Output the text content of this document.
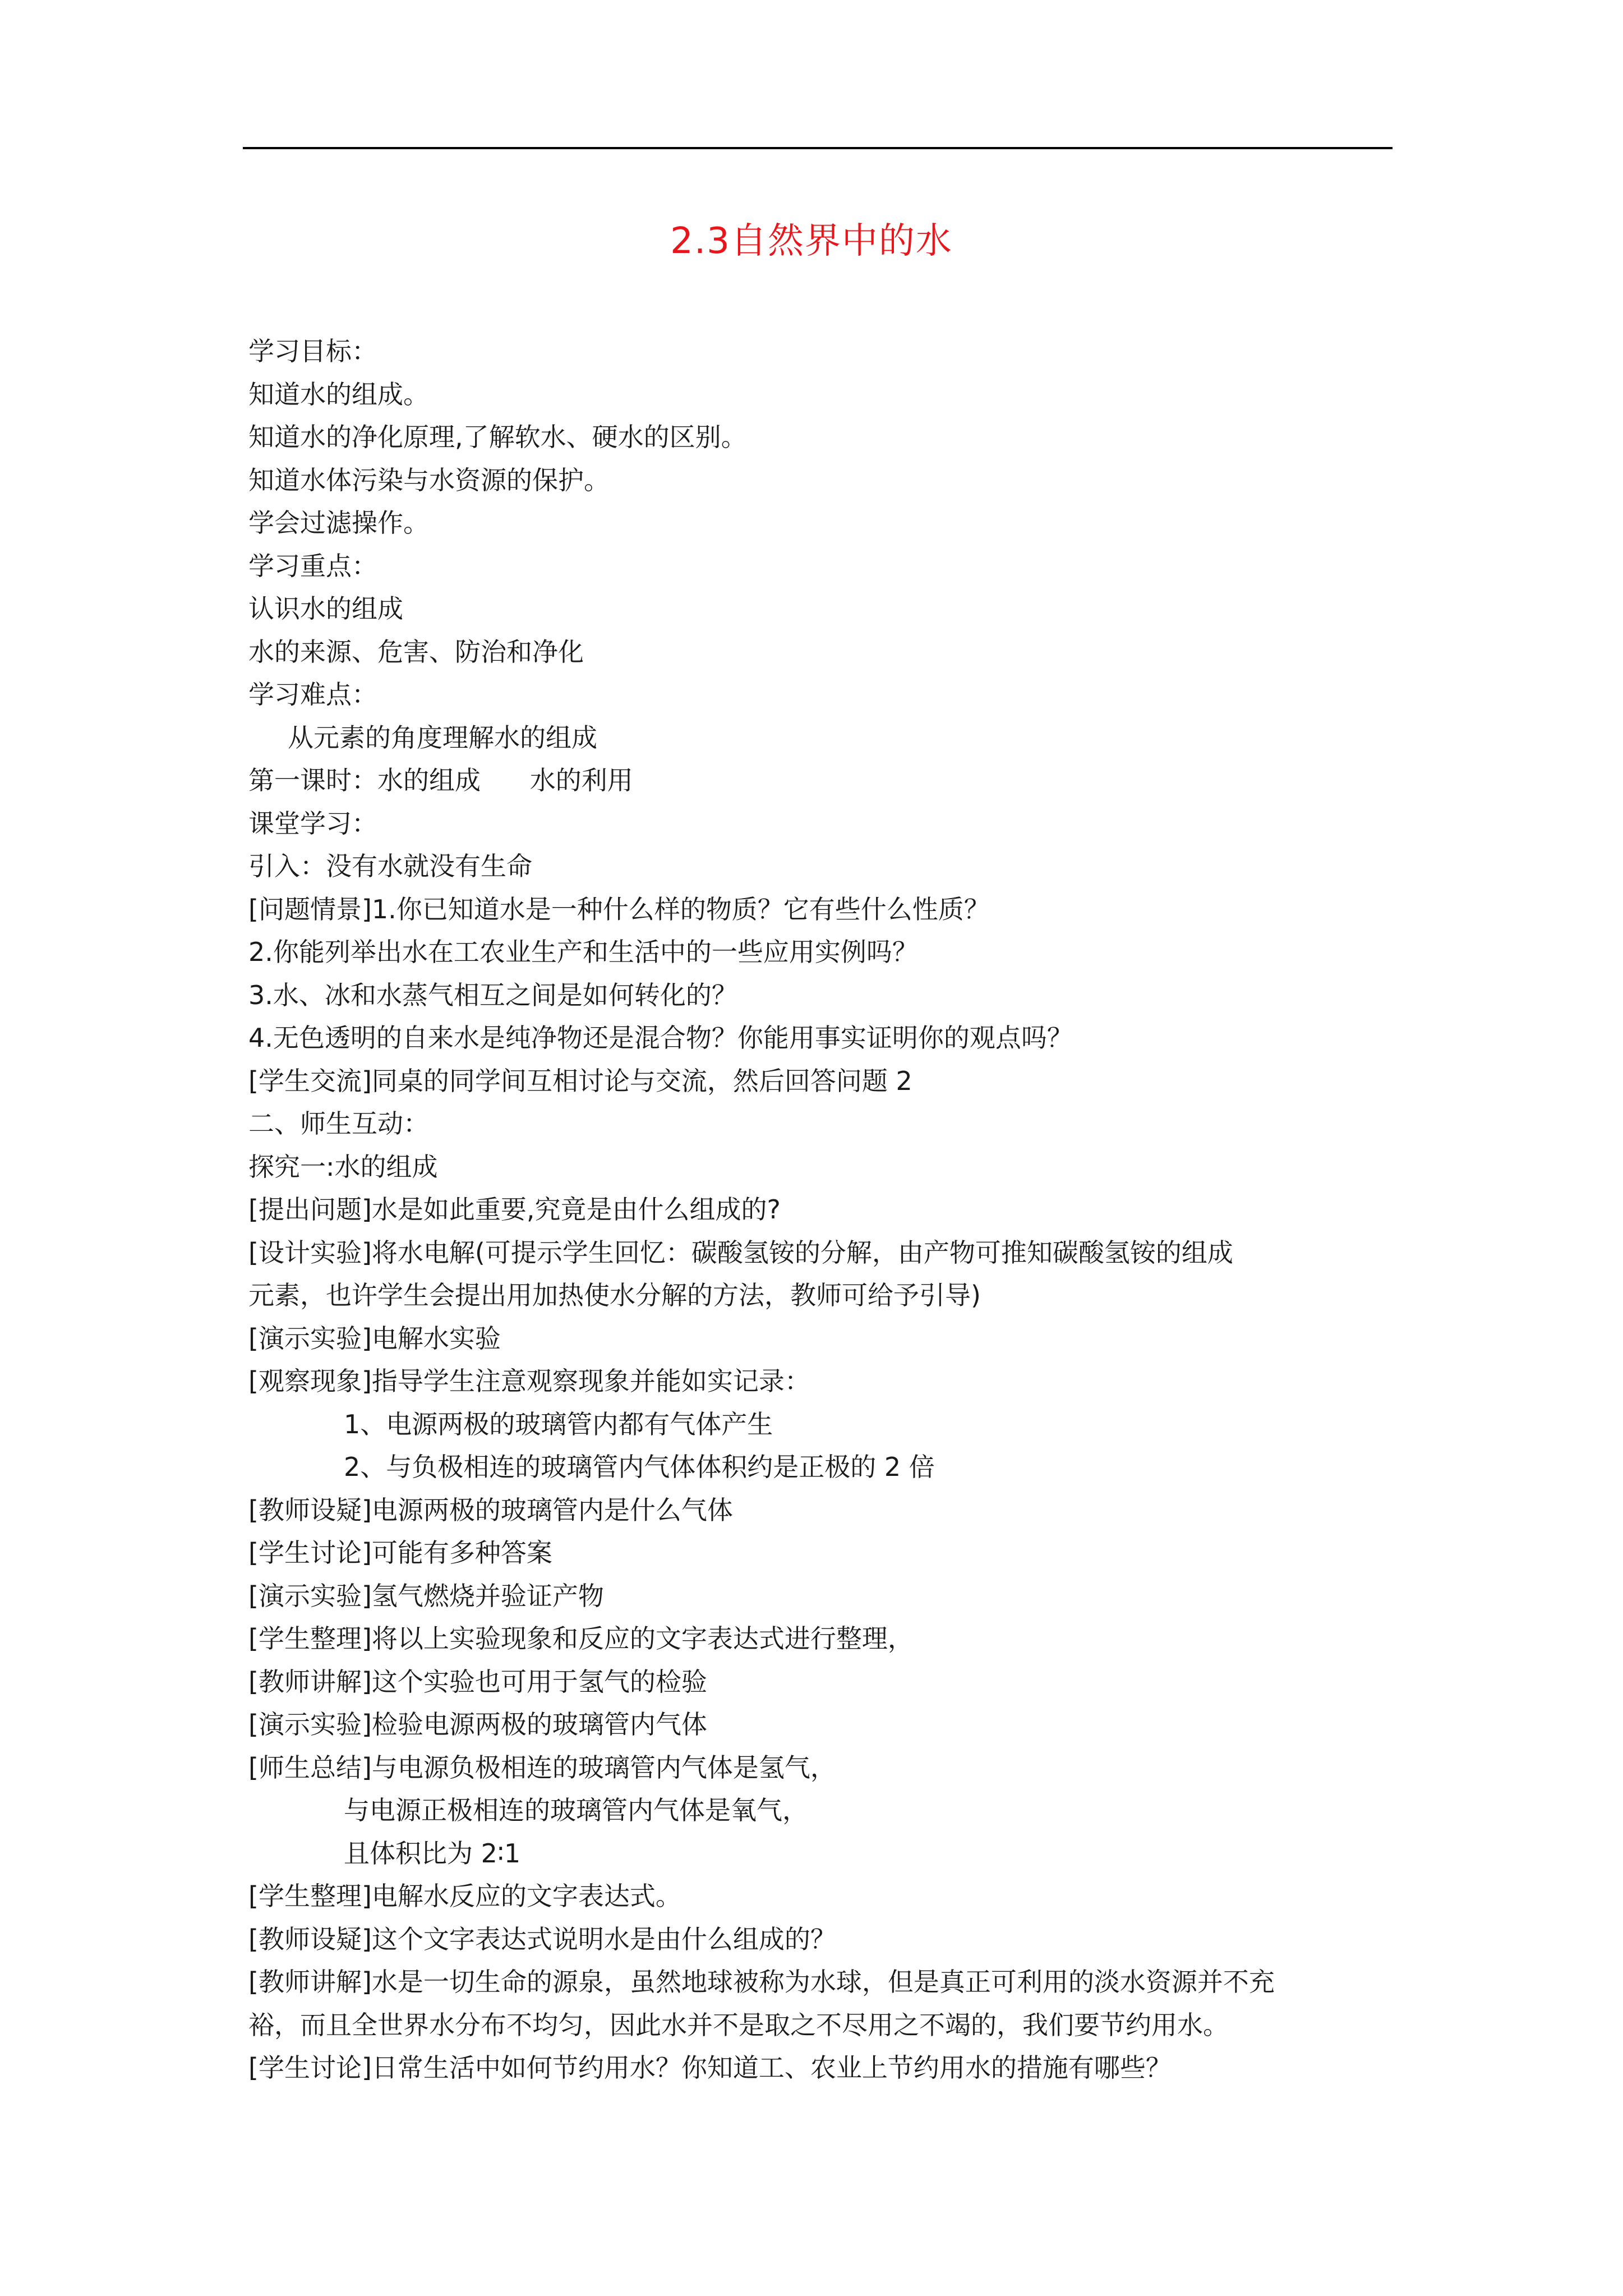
2.3自然界中的水

学习目标：

知道水的组成。

知道水的净化原理,了解软水、硬水的区别。

知道水体污染与水资源的保护。

学会过滤操作。

学习重点：

认识水的组成

水的来源、危害、防治和净化

学习难点：

从元素的角度理解水的组成

第一课时：水的组成      水的利用

课堂学习：

引入：没有水就没有生命

[问题情景]1.你已知道水是一种什么样的物质？它有些什么性质？

2.你能列举出水在工农业生产和生活中的一些应用实例吗？

3.水、冰和水蒸气相互之间是如何转化的？

4.无色透明的自来水是纯净物还是混合物？你能用事实证明你的观点吗？

[学生交流]同桌的同学间互相讨论与交流，然后回答问题 2

二、师生互动：

探究一:水的组成

[提出问题]水是如此重要,究竟是由什么组成的?

[设计实验]将水电解(可提示学生回忆：碳酸氢铵的分解，由产物可推知碳酸氢铵的组成

元素，也许学生会提出用加热使水分解的方法，教师可给予引导)

[演示实验]电解水实验

[观察现象]指导学生注意观察现象并能如实记录：

1、电源两极的玻璃管内都有气体产生

2、与负极相连的玻璃管内气体体积约是正极的 2 倍

[教师设疑]电源两极的玻璃管内是什么气体

[学生讨论]可能有多种答案

[演示实验]氢气燃烧并验证产物

[学生整理]将以上实验现象和反应的文字表达式进行整理，

[教师讲解]这个实验也可用于氢气的检验

[演示实验]检验电源两极的玻璃管内气体

[师生总结]与电源负极相连的玻璃管内气体是氢气，

与电源正极相连的玻璃管内气体是氧气，

且体积比为 2∶1

[学生整理]电解水反应的文字表达式。

[教师设疑]这个文字表达式说明水是由什么组成的？

[教师讲解]水是一切生命的源泉，虽然地球被称为水球，但是真正可利用的淡水资源并不充

裕，而且全世界水分布不均匀，因此水并不是取之不尽用之不竭的，我们要节约用水。

[学生讨论]日常生活中如何节约用水？你知道工、农业上节约用水的措施有哪些？
